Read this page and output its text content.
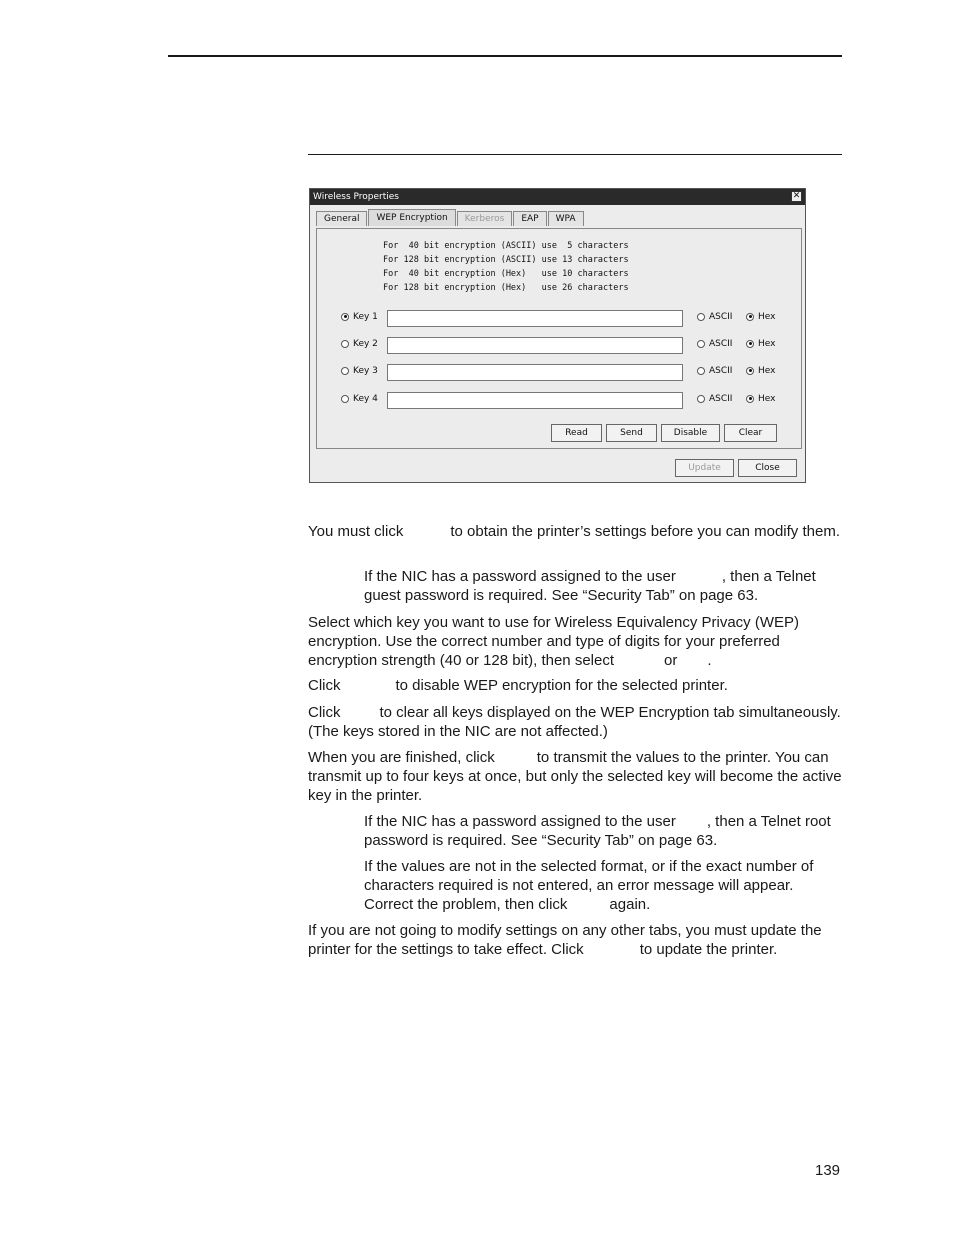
Wireless Properties	✕
General	WEP Encryption	Kerberos	EAP	WPA
For  40 bit encryption (ASCII) use  5 characters
For 128 bit encryption (ASCII) use 13 characters
For  40 bit encryption (Hex)   use 10 characters
For 128 bit encryption (Hex)   use 26 characters
Key 1	ASCII	Hex
Key 2	ASCII	Hex
Key 3	ASCII	Hex
Key 4	ASCII	Hex
Read	Send	Disable	Clear
Update	Close

You must click	to obtain the printer’s settings before you can modify them.

If the NIC has a password assigned to the user	, then a Telnet guest password is required. See “Security Tab” on page 63.

Select which key you want to use for Wireless Equivalency Privacy (WEP) encryption. Use the correct number and type of digits for your preferred encryption strength (40 or 128 bit), then select	or .

Click	to disable WEP encryption for the selected printer.

Click	to clear all keys displayed on the WEP Encryption tab simultaneously. (The keys stored in the NIC are not affected.)

When you are finished, click	to transmit the values to the printer. You can transmit up to four keys at once, but only the selected key will become the active key in the printer.

If the NIC has a password assigned to the user , then a Telnet root password is required. See “Security Tab” on page 63.

If the values are not in the selected format, or if the exact number of characters required is not entered, an error message will appear. Correct the problem, then click	again.

If you are not going to modify settings on any other tabs, you must update the printer for the settings to take effect. Click	to update the printer.

139
